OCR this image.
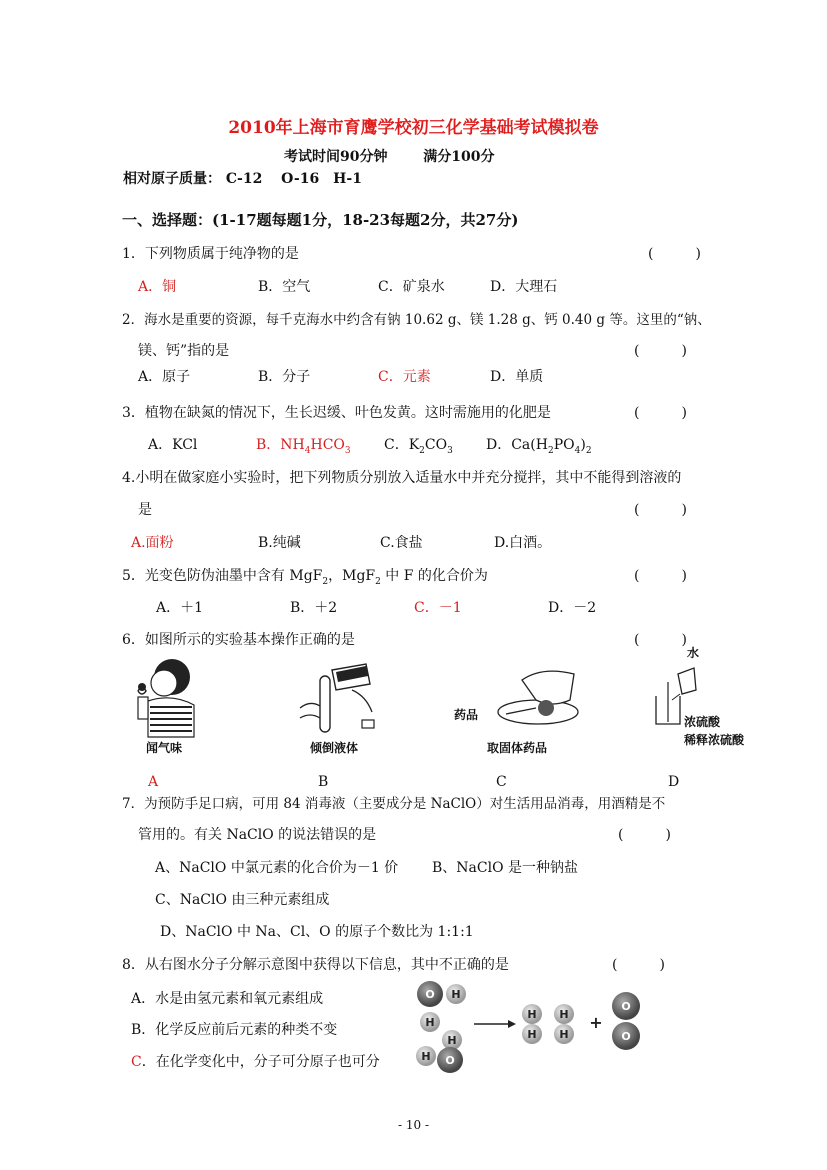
2010年上海市育鹰学校初三化学基础考试模拟卷
考试时间90分钟	满分100分
相对原子质量： C-12　 O-16　H-1
一、选择题：(1-17题每题1分，18-23每题2分，共27分)
1．下列物质属于纯净物的是	(　　　)
A．铜	B．空气	C．矿泉水	D．大理石
2．海水是重要的资源，每千克海水中约含有钠 10.62 g、镁 1.28 g、钙 0.40 g 等。这里的“钠、
镁、钙”指的是	(　　　)
A．原子	B．分子	C．元素	D．单质
3．植物在缺氮的情况下，生长迟缓、叶色发黄。这时需施用的化肥是	(　　　)
A．KCl	B．$NH_4HCO_3$ C．$K_2CO_3$ D．$Ca(H_2PO_4)_2$
4.小明在做家庭小实验时，把下列物质分别放入适量水中并充分搅拌，其中不能得到溶液的
是	(　　　)
A.面粉	B.纯碱	C.食盐	D.白酒。
5．光变色防伪油墨中含有 MgF$_2$，MgF$_2$ 中 F 的化合价为	(　　　)
A．＋1	B．＋2	C．－1	D．－2
6．如图所示的实验基本操作正确的是	(　　　)
闻气味	倾倒液体
药品
取固体药品
水
浓硫酸
稀释浓硫酸
A	B	C	D
7．为预防手足口病，可用 84 消毒液（主要成分是 NaClO）对生活用品消毒，用酒精是不
管用的。有关 NaClO 的说法错误的是	(　　　)
A、NaClO 中氯元素的化合价为－1 价 B、NaClO 是一种钠盐
C、NaClO 由三种元素组成
D、NaClO 中 Na、Cl、O 的原子个数比为 1:1:1
8．从右图水分子分解示意图中获得以下信息，其中不正确的是	(　　　)
A．水是由氢元素和氧元素组成
B．化学反应前后元素的种类不变
C．在化学变化中，分子可分原子也可分
O H
H
H
H O
H
H
H
H
+
O
O
- 10 -
